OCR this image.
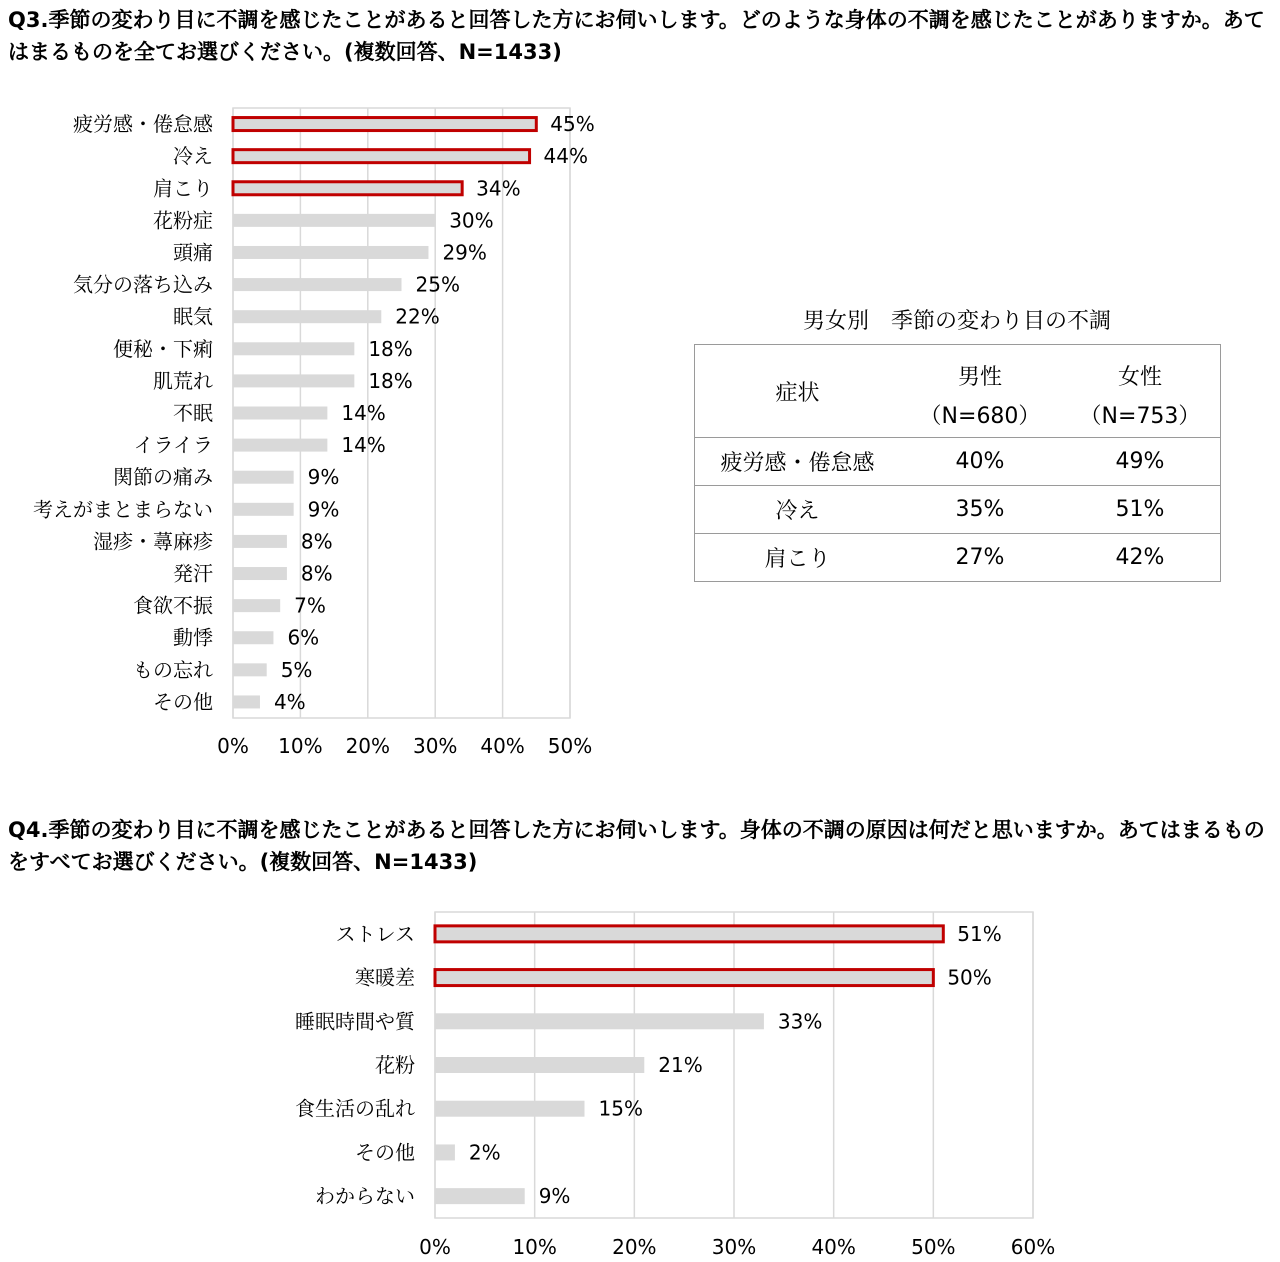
Q3.季節の変わり目に不調を感じたことがあると回答した方にお伺いします。どのような身体の不調を感じたことがありますか。あてはまるものを全てお選びください。(複数回答、N=1433)

0% 10% 20% 30% 40% 50%
疲労感・倦怠感	45%
冷え	44%
肩こり	34%
花粉症	30%
頭痛	29%
気分の落ち込み	25%
眠気	22%
便秘・下痢	18%
肌荒れ	18%
不眠	14%
イライラ	14%
関節の痛み	9%
考えがまとまらない	9%
湿疹・蕁麻疹	8%
発汗	8%
食欲不振	7%
動悸	6%
もの忘れ	5%
その他	4%
男女別　季節の変わり目の不調
症状	男性	女性
	（N=680）	（N=753）
疲労感・倦怠感	40%	49%
冷え	35%	51%
肩こり	27%	42%

Q4.季節の変わり目に不調を感じたことがあると回答した方にお伺いします。身体の不調の原因は何だと思いますか。あてはまるものをすべてお選びください。(複数回答、N=1433)

0%	10%	20%	30%	40%	50%	60%
ストレス	51%
寒暖差	50%
睡眠時間や質	33%
花粉	21%
食生活の乱れ	15%
その他	2%
わからない	9%
